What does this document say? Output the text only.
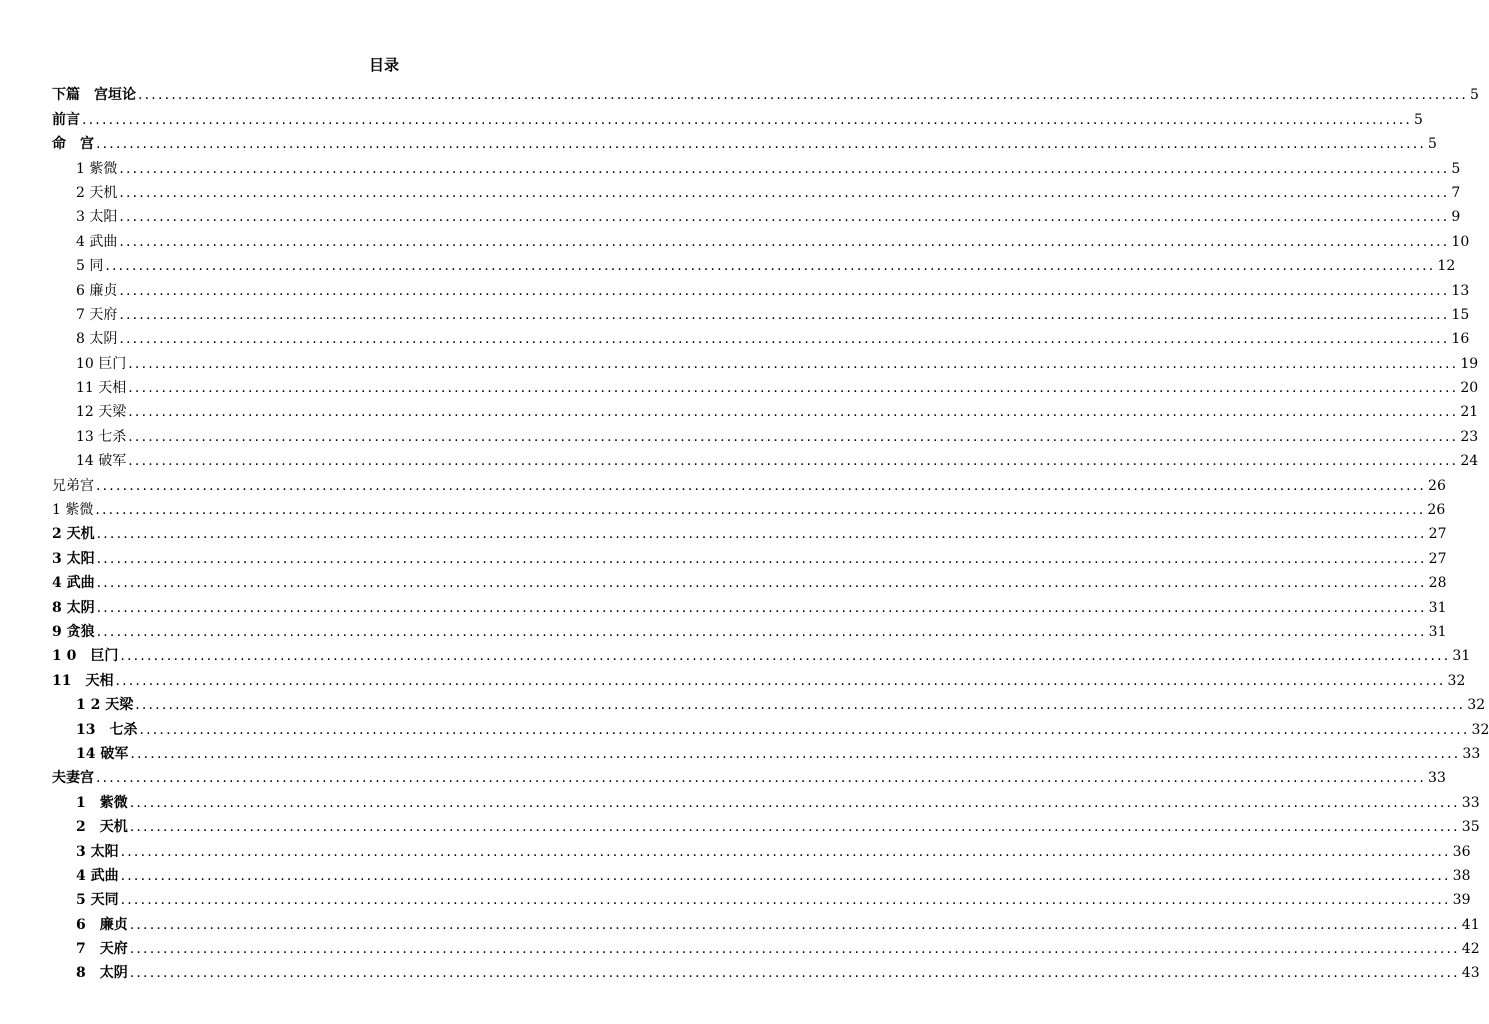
目录
下篇　宫垣论 ........................................................................................................................................................................................................ 5
前言 ........................................................................................................................................................................................................ 5
命　宫 ........................................................................................................................................................................................................ 5
1 紫微 ........................................................................................................................................................................................................ 5
2 天机 ........................................................................................................................................................................................................ 7
3 太阳 ........................................................................................................................................................................................................ 9
4 武曲 ........................................................................................................................................................................................................ 10
5 同 ........................................................................................................................................................................................................ 12
6 廉贞 ........................................................................................................................................................................................................ 13
7 天府 ........................................................................................................................................................................................................ 15
8 太阴 ........................................................................................................................................................................................................ 16
10 巨门 ........................................................................................................................................................................................................ 19
11 天相 ........................................................................................................................................................................................................ 20
12 天梁 ........................................................................................................................................................................................................ 21
13 七杀 ........................................................................................................................................................................................................ 23
14 破军 ........................................................................................................................................................................................................ 24
兄弟宫 ........................................................................................................................................................................................................ 26
1 紫微 ........................................................................................................................................................................................................ 26
2 天机 ........................................................................................................................................................................................................ 27
3 太阳 ........................................................................................................................................................................................................ 27
4 武曲 ........................................................................................................................................................................................................ 28
8 太阴 ........................................................................................................................................................................................................ 31
9 贪狼 ........................................................................................................................................................................................................ 31
1 0　巨门 ........................................................................................................................................................................................................ 31
11　天相 ........................................................................................................................................................................................................ 32
1 2 天梁 ........................................................................................................................................................................................................ 32
13　七杀 ........................................................................................................................................................................................................ 32
14 破军 ........................................................................................................................................................................................................ 33
夫妻宫 ........................................................................................................................................................................................................ 33
1　紫微 ........................................................................................................................................................................................................ 33
2　天机 ........................................................................................................................................................................................................ 35
3 太阳 ........................................................................................................................................................................................................ 36
4 武曲 ........................................................................................................................................................................................................ 38
5 天同 ........................................................................................................................................................................................................ 39
6　廉贞 ........................................................................................................................................................................................................ 41
7　天府 ........................................................................................................................................................................................................ 42
8　太阴 ........................................................................................................................................................................................................ 43
